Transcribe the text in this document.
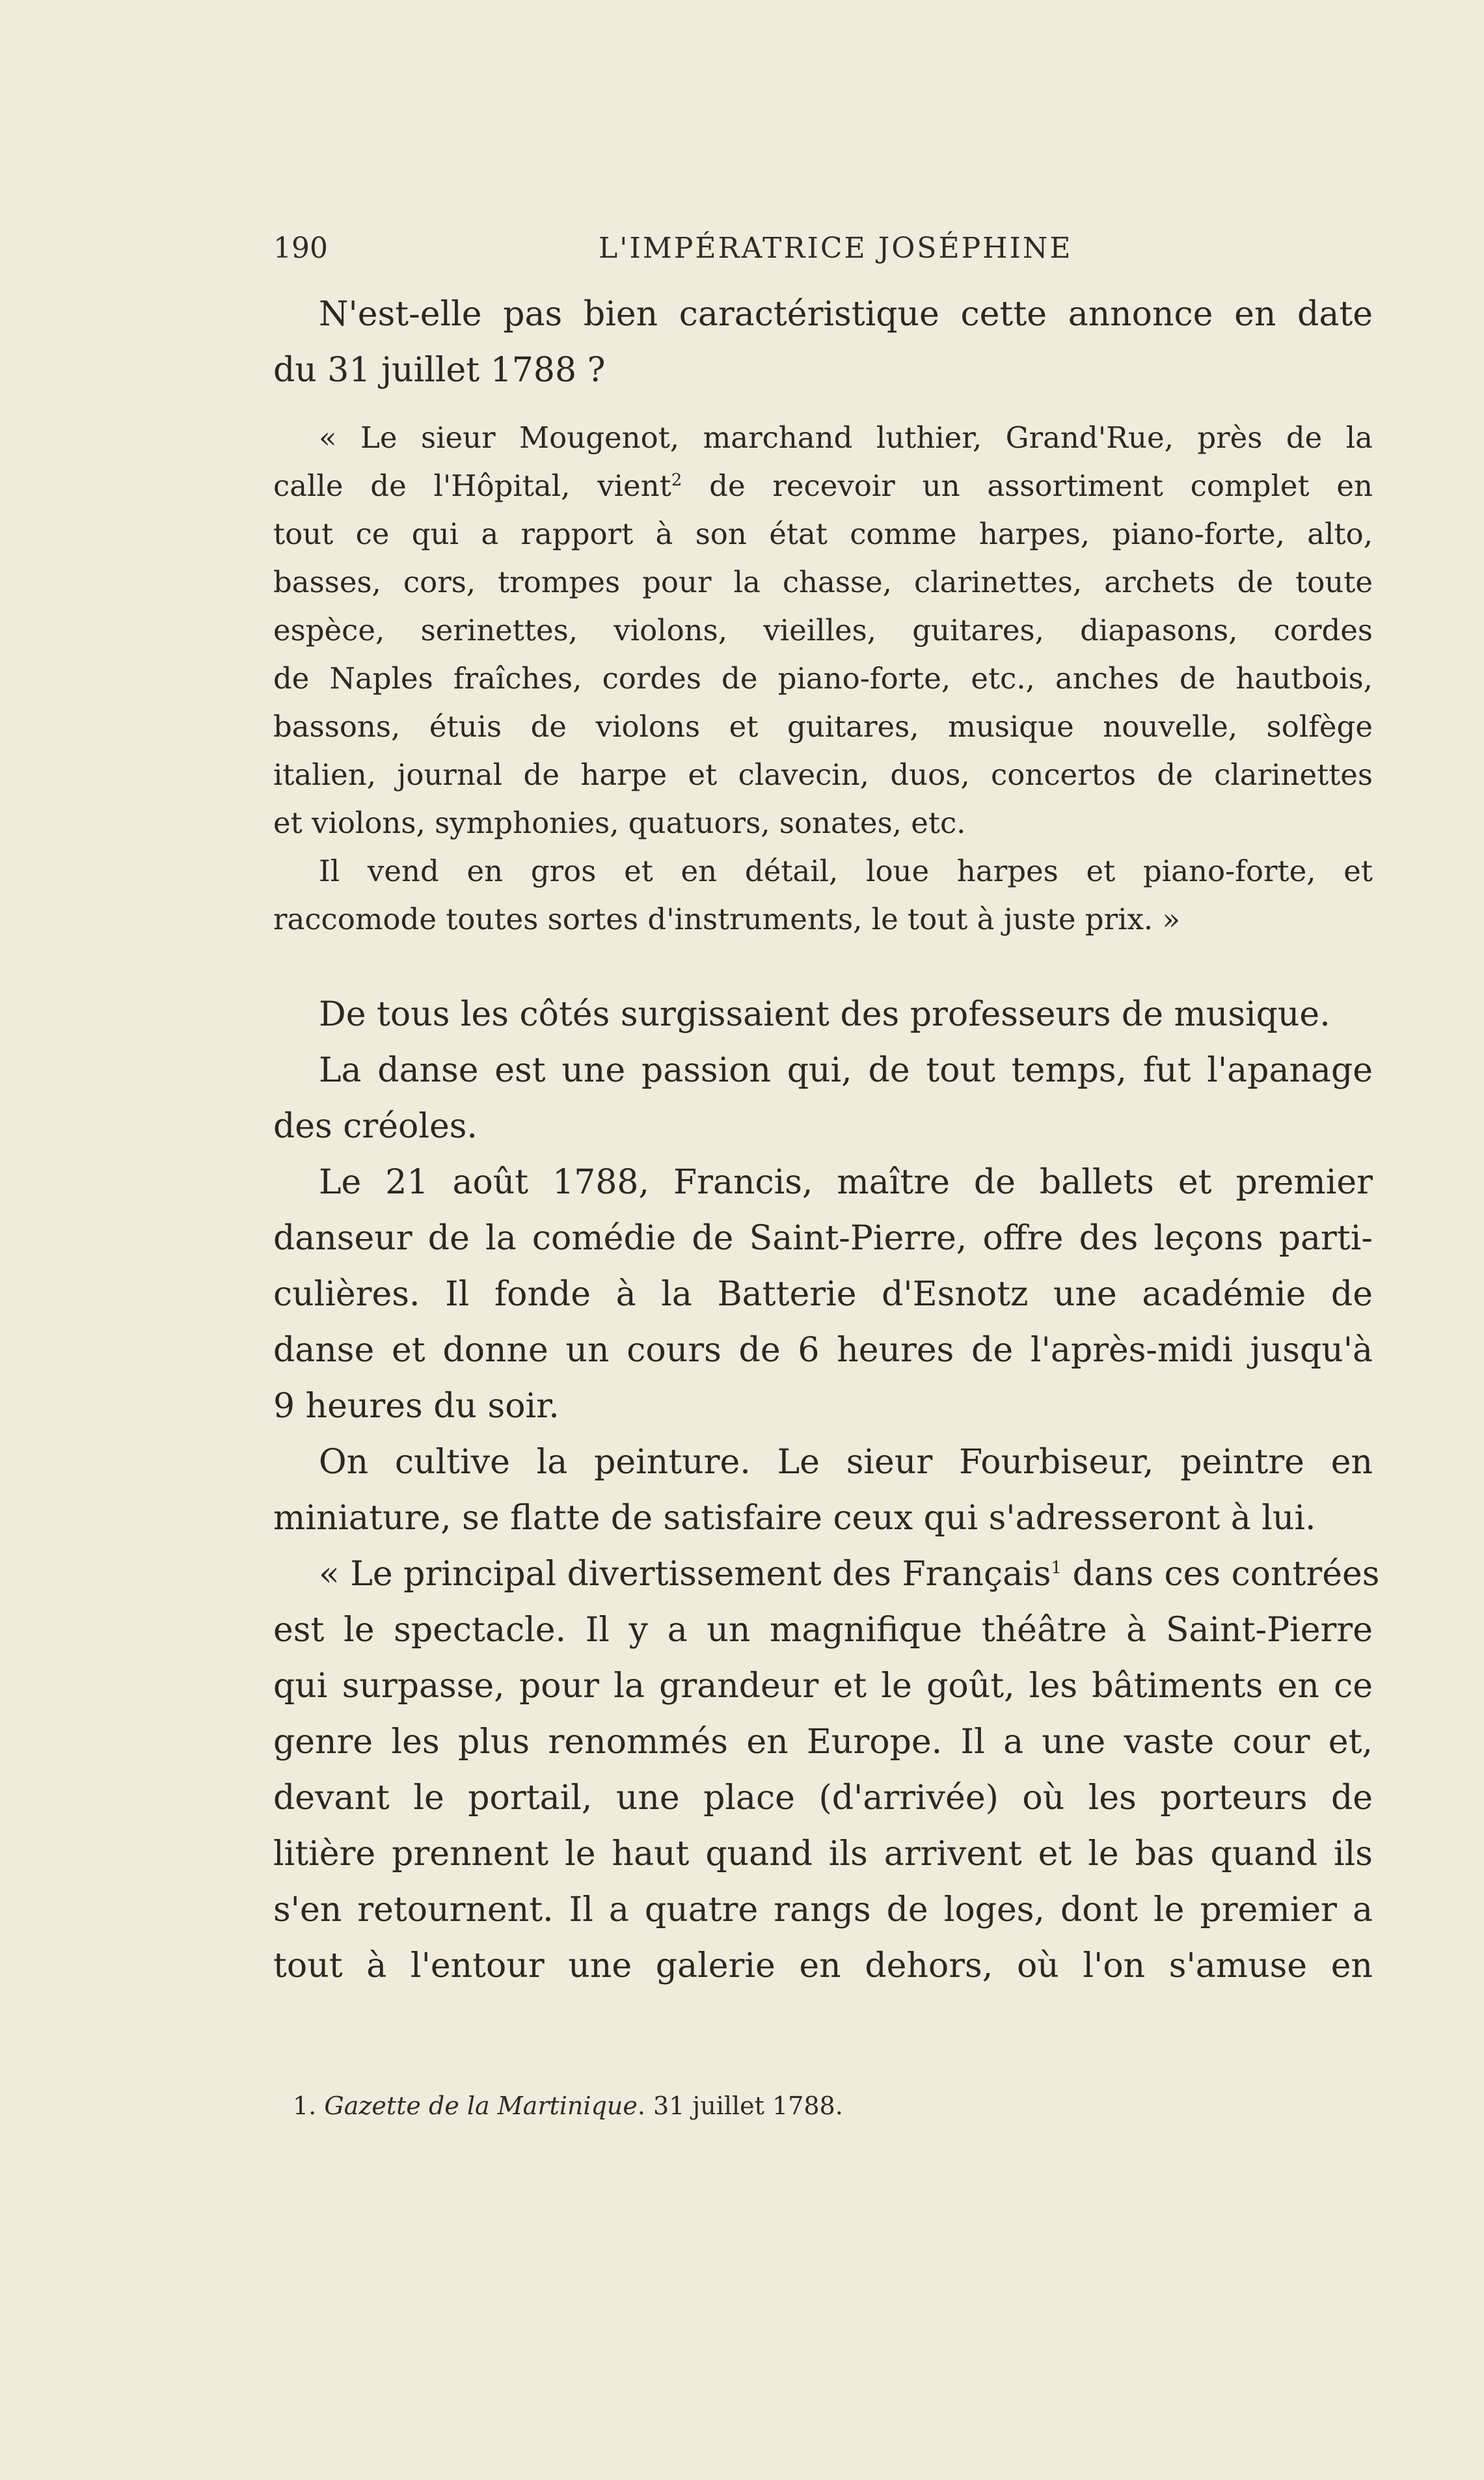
190	L'IMPÉRATRICE JOSÉPHINE
N'est-elle pas bien caractéristique cette annonce en date
du 31 juillet 1788 ?
« Le sieur Mougenot, marchand luthier, Grand'Rue, près de la
calle de l'Hôpital, vient$^2$ de recevoir un assortiment complet en
tout ce qui a rapport à son état comme harpes, piano-forte, alto,
basses, cors, trompes pour la chasse, clarinettes, archets de toute
espèce, serinettes, violons, vieilles, guitares, diapasons, cordes
de Naples fraîches, cordes de piano-forte, etc., anches de hautbois,
bassons, étuis de violons et guitares, musique nouvelle, solfège
italien, journal de harpe et clavecin, duos, concertos de clarinettes
et violons, symphonies, quatuors, sonates, etc.
Il vend en gros et en détail, loue harpes et piano-forte, et
raccomode toutes sortes d'instruments, le tout à juste prix. »
De tous les côtés surgissaient des professeurs de musique.
La danse est une passion qui, de tout temps, fut l'apanage
des créoles.
Le 21 août 1788, Francis, maître de ballets et premier
danseur de la comédie de Saint-Pierre, offre des leçons parti-
culières. Il fonde à la Batterie d'Esnotz une académie de
danse et donne un cours de 6 heures de l'après-midi jusqu'à
9 heures du soir.
On cultive la peinture. Le sieur Fourbiseur, peintre en
miniature, se flatte de satisfaire ceux qui s'adresseront à lui.
« Le principal divertissement des Français$^1$ dans ces contrées
est le spectacle. Il y a un magnifique théâtre à Saint-Pierre
qui surpasse, pour la grandeur et le goût, les bâtiments en ce
genre les plus renommés en Europe. Il a une vaste cour et,
devant le portail, une place (d'arrivée) où les porteurs de
litière prennent le haut quand ils arrivent et le bas quand ils
s'en retournent. Il a quatre rangs de loges, dont le premier a
tout à l'entour une galerie en dehors, où l'on s'amuse en
1. Gazette de la Martinique. 31 juillet 1788.
